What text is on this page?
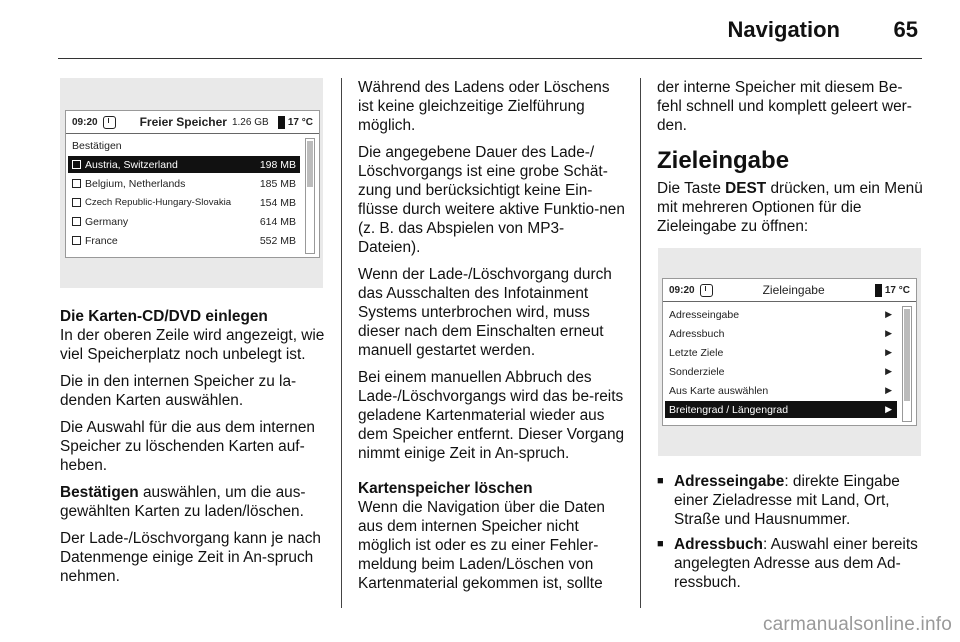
Navigation 65
09:20	Freier Speicher 1.26 GB	17 °C
Bestätigen
Austria, Switzerland	198 MB
Belgium, Netherlands	185 MB
Czech Republic-Hungary-Slovakia	154 MB
Germany	614 MB
France	552 MB
Die Karten-CD/DVD einlegen

In der oberen Zeile wird angezeigt, wie viel Speicherplatz noch unbelegt ist.

Die in den internen Speicher zu la-denden Karten auswählen.

Die Auswahl für die aus dem internen Speicher zu löschenden Karten auf-heben.

Bestätigen auswählen, um die aus-gewählten Karten zu laden/löschen.

Der Lade-/Löschvorgang kann je nach Datenmenge einige Zeit in An-spruch nehmen.

Während des Ladens oder Löschens ist keine gleichzeitige Zielführung möglich.

Die angegebene Dauer des Lade-/ Löschvorgangs ist eine grobe Schät-zung und berücksichtigt keine Ein-flüsse durch weitere aktive Funktio-nen (z. B. das Abspielen von MP3-Dateien).

Wenn der Lade-/Löschvorgang durch das Ausschalten des Infotainment Systems unterbrochen wird, muss dieser nach dem Einschalten erneut manuell gestartet werden.

Bei einem manuellen Abbruch des Lade-/Löschvorgangs wird das be-reits geladene Kartenmaterial wieder aus dem Speicher entfernt. Dieser Vorgang nimmt einige Zeit in An-spruch.

Kartenspeicher löschen

Wenn die Navigation über die Daten aus dem internen Speicher nicht möglich ist oder es zu einer Fehler-meldung beim Laden/Löschen von Kartenmaterial gekommen ist, sollte

der interne Speicher mit diesem Be-fehl schnell und komplett geleert wer-den.

Zieleingabe

Die Taste DEST drücken, um ein Menü mit mehreren Optionen für die Zieleingabe zu öffnen:

09:20	Zieleingabe	17 °C
Adresseingabe	▶
Adressbuch	▶
Letzte Ziele	▶
Sonderziele	▶
Aus Karte auswählen	▶
Breitengrad / Längengrad	▶
■ Adresseingabe: direkte Eingabe einer Zieladresse mit Land, Ort, Straße und Hausnummer.
■ Adressbuch: Auswahl einer bereits angelegten Adresse aus dem Ad-ressbuch.
carmanualsonline.info
